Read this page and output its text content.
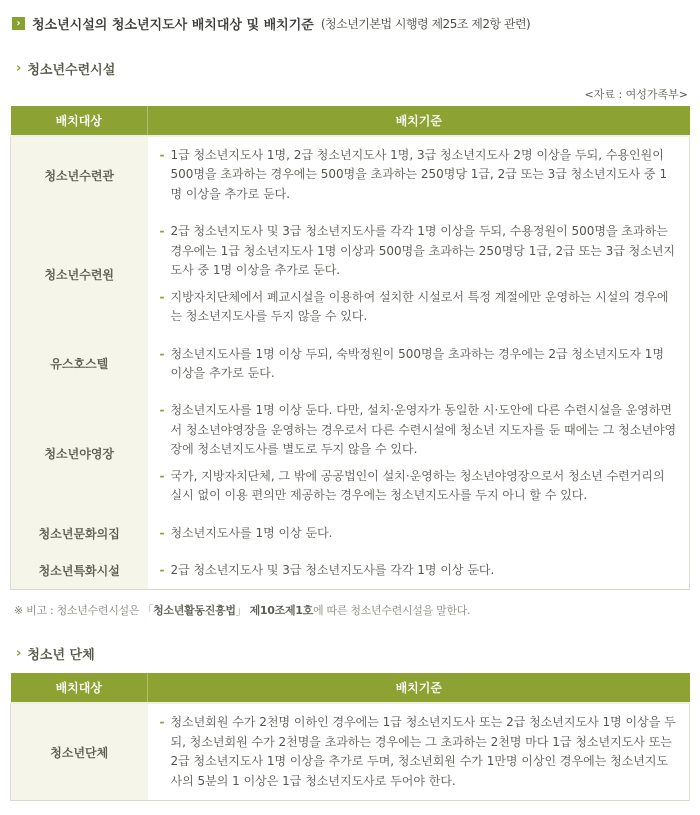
› 청소년시설의 청소년지도사 배치대상 및 배치기준 (청소년기본법 시행령 제25조 제2항 관련)
› 청소년수련시설
<자료 : 여성가족부>
배치대상	배치기준
청소년수련관	- 1급 청소년지도사 1명, 2급 청소년지도사 1명, 3급 청소년지도사 2명 이상을 두되, 수용인원이 500명을 초과하는 경우에는 500명을 초과하는 250명당 1급, 2급 또는 3급 청소년지도사 중 1명 이상을 추가로 둔다.

청소년수련원	- 2급 청소년지도사 및 3급 청소년지도사를 각각 1명 이상을 두되, 수용정원이 500명을 초과하는 경우에는 1급 청소년지도사 1명 이상과 500명을 초과하는 250명당 1급, 2급 또는 3급 청소년지도사 중 1명 이상을 추가로 둔다.

- 지방자치단체에서 폐교시설을 이용하여 설치한 시설로서 특정 계절에만 운영하는 시설의 경우에는 청소년지도사를 두지 않을 수 있다.

유스호스텔	- 청소년지도사를 1명 이상 두되, 숙박정원이 500명을 초과하는 경우에는 2급 청소년지도자 1명 이상을 추가로 둔다.

청소년야영장	- 청소년지도사를 1명 이상 둔다. 다만, 설치·운영자가 동일한 시·도안에 다른 수련시설을 운영하면서 청소년야영장을 운영하는 경우로서 다른 수련시설에 청소년 지도자를 둔 때에는 그 청소년야영장에 청소년지도사를 별도로 두지 않을 수 있다.

- 국가, 지방자치단체, 그 밖에 공공법인이 설치·운영하는 청소년야영장으로서 청소년 수련거리의 실시 없이 이용 편의만 제공하는 경우에는 청소년지도사를 두지 아니 할 수 있다.

청소년문화의집	- 청소년지도사를 1명 이상 둔다.

청소년특화시설	- 2급 청소년지도사 및 3급 청소년지도사를 각각 1명 이상 둔다.

※ 비고 : 청소년수련시설은 「청소년활동진흥법」 제10조제1호에 따른 청소년수련시설을 말한다.
› 청소년 단체
배치대상	배치기준
청소년단체	- 청소년회원 수가 2천명 이하인 경우에는 1급 청소년지도사 또는 2급 청소년지도사 1명 이상을 두되, 청소년회원 수가 2천명을 초과하는 경우에는 그 초과하는 2천명 마다 1급 청소년지도사 또는 2급 청소년지도사 1명 이상을 추가로 두며, 청소년회원 수가 1만명 이상인 경우에는 청소년지도사의 5분의 1 이상은 1급 청소년지도사로 두어야 한다.
